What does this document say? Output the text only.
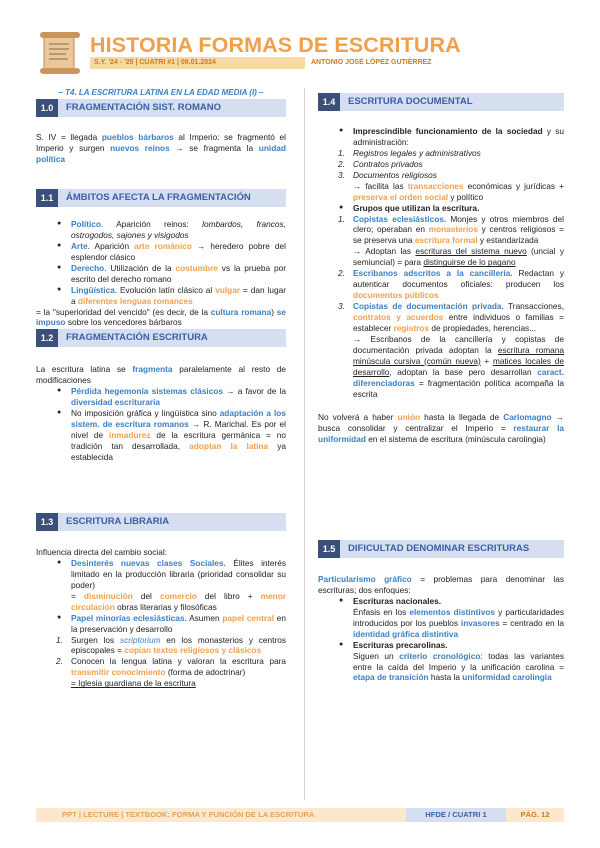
HISTORIA FORMAS DE ESCRITURA
S.Y. '24 - '25 | CUATRI #1 | 08.01.2024	ANTONIO JOSÉ LÓPEZ GUTIÉRREZ
– T4. LA ESCRITURA LATINA EN LA EDAD MEDIA (I) –
1.0	FRAGMENTACIÓN SIST. ROMANO

S. IV = llegada pueblos bárbaros al Imperio: se fragmentó el Imperio y surgen nuevos reinos → se fragmenta la unidad política

1.1	ÁMBITOS AFECTA LA FRAGMENTACIÓN
● Político. Aparición reinos: lombardos, francos, ostrogodos, sajones y visigodos
● Arte. Aparición arte románico → heredero pobre del esplendor clásico
● Derecho. Utilización de la costumbre vs la prueba por escrito del derecho romano
● Lingüística. Evolución latín clásico al vulgar = dan lugar a diferentes lenguas romances

= la "superioridad del vencido" (es decir, de la cultura romana) se impuso sobre los vencedores bárbaros

1.2	FRAGMENTACIÓN ESCRITURA

La escritura latina se fragmenta paralelamente al resto de modificaciones

● Pérdida hegemonía sistemas clásicos → a favor de la diversidad escrituraria
● No imposición gráfica y lingüística sino adaptación a los sistem. de escritura romanos → R. Marichal. Es por el nivel de inmadurez de la escritura germánica = no tradición tan desarrollada, adoptan la latina ya establecida
1.3	ESCRITURA LIBRARIA

Influencia directa del cambio social:

● Desinterés nuevas clases Sociales. Élites interés limitado en la producción libraria (prioridad consolidar su poder)
= disminución del comercio del libro + menor circulación obras literarias y filosóficas
● Papel minorías eclesiásticas. Asumen papel central en la preservación y desarrollo
1. Surgen los scriptorium en los monasterios y centros episcopales = copian textos religiosos y clásicos
2. Conocen la lengua latina y valoran la escritura para transmitir conocimiento (forma de adoctrinar)
= Iglesia guardiana de la escritura
1.4	ESCRITURA DOCUMENTAL
● Imprescindible funcionamiento de la sociedad y su administración:
1. Registros legales y administrativos
2. Contratos privados
3. Documentos religiosos

→ facilita las transacciones económicas y jurídicas + preserva el orden social y político

● Grupos que utilizan la escritura.
1. Copistas eclesiásticos. Monjes y otros miembros del clero; operaban en monasterios y centros religiosos = se preserva una escritura formal y estandarizada
→ Adoptan las escrituras del sistema nuevo (uncial y semiuncial) = para distinguirse de lo pagano
2. Escribanos adscritos a la cancillería. Redactan y autenticar documentos oficiales: producen los documentos públicos
3. Copistas de documentación privada. Transacciones, contratos y acuerdos entre individuos o familias = establecer registros de propiedades, herencias...
→ Escribanos de la cancillería y copistas de documentación privada adoptan la escritura romana minúscula cursiva (común nueva) + matices locales de desarrollo, adoptan la base pero desarrollan caract. diferenciadoras = fragmentación política acompaña la escrita

No volverá a haber unión hasta la llegada de Carlomagno → busca consolidar y centralizar el Imperio = restaurar la uniformidad en el sistema de escritura (minúscula carolingia)

1.5	DIFICULTAD DENOMINAR ESCRITURAS

Particularismo gráfico = problemas para denominar las escrituras; dos enfoques:

● Escrituras nacionales.
Énfasis en los elementos distintivos y particularidades introducidos por los pueblos invasores = centrado en la identidad gráfica distintiva
● Escrituras precarolinas.
Siguen un criterio cronológico: todas las variantes entre la caída del Imperio y la unificación carolina = etapa de transición hasta la uniformidad carolingia
PPT | LECTURE | TEXTBOOK: FORMA Y FUNCIÓN DE LA ESCRITURA	HFDE / CUATRI 1	PÁG. 12
